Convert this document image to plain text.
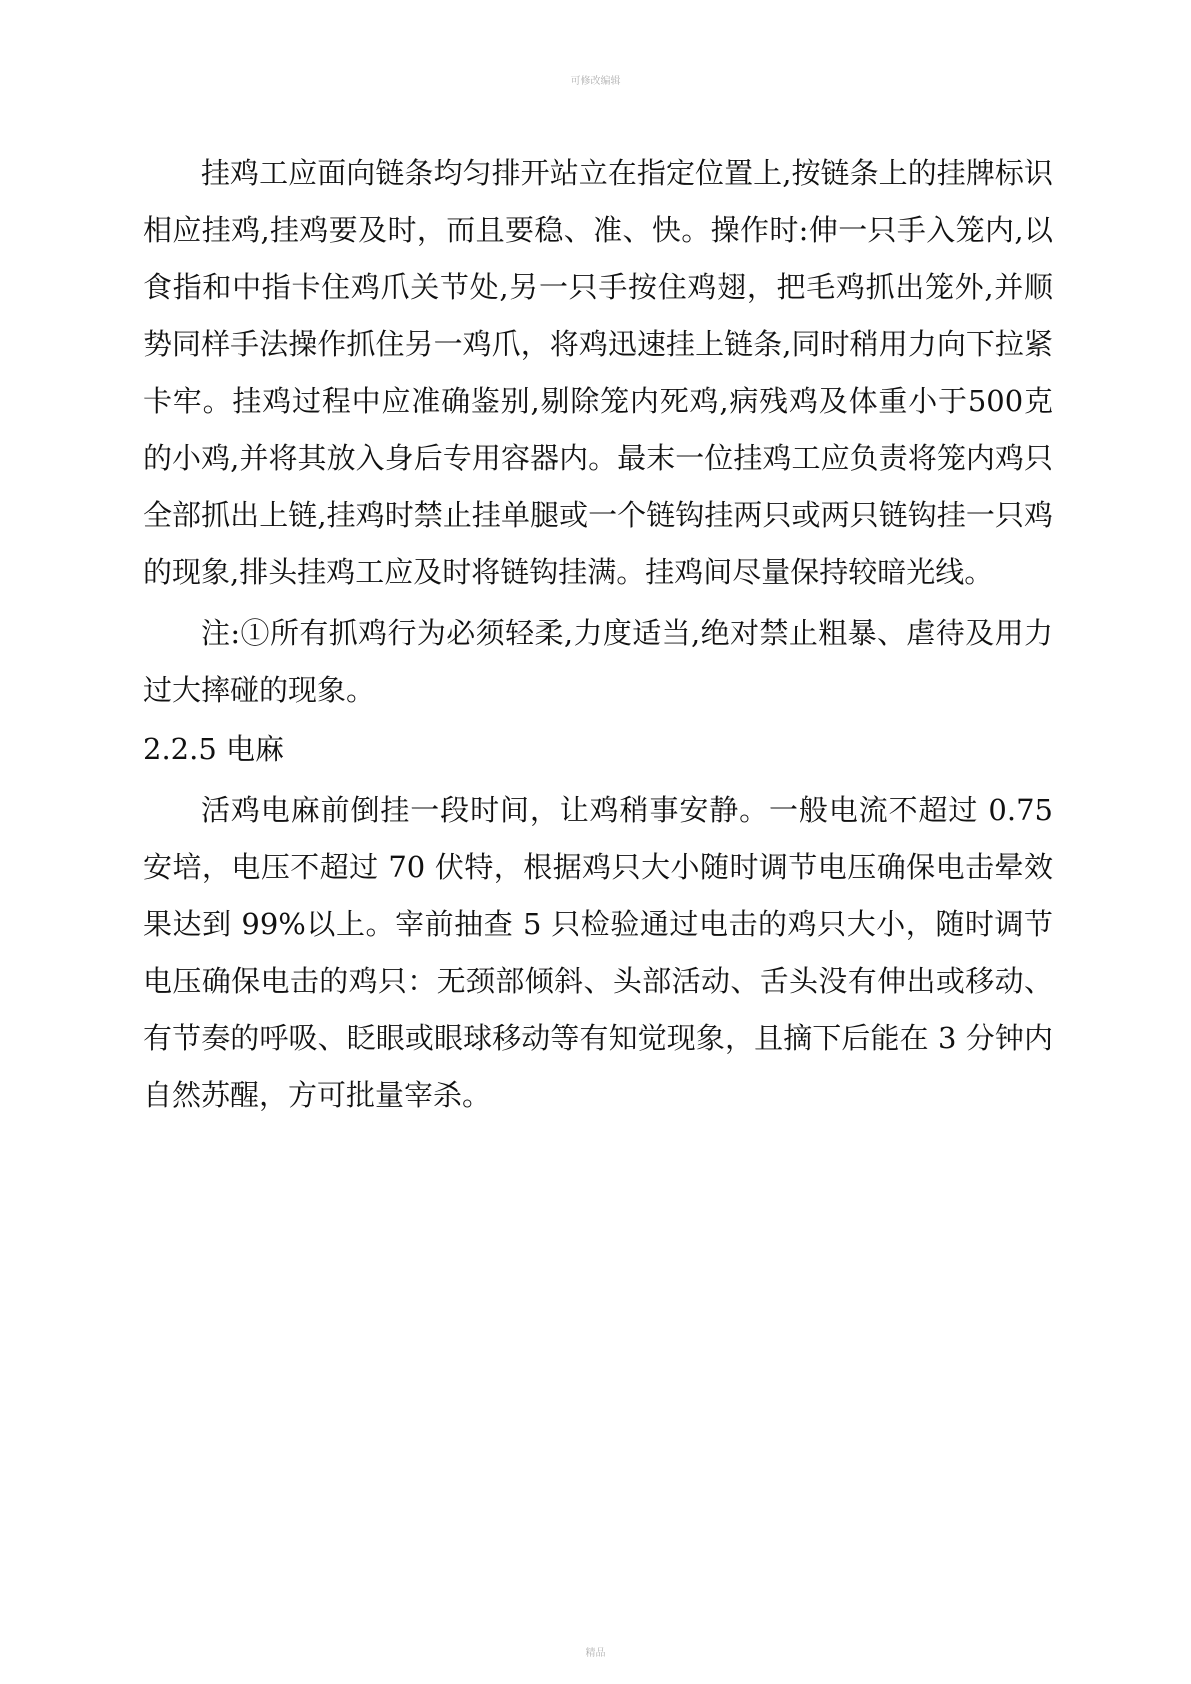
可修改编辑

挂鸡工应面向链条均匀排开站立在指定位置上,按链条上的挂牌标识相应挂鸡,挂鸡要及时，而且要稳、准、快。操作时:伸一只手入笼内,以食指和中指卡住鸡爪关节处,另一只手按住鸡翅，把毛鸡抓出笼外,并顺势同样手法操作抓住另一鸡爪，将鸡迅速挂上链条,同时稍用力向下拉紧卡牢。挂鸡过程中应准确鉴别,剔除笼内死鸡,病残鸡及体重小于500克的小鸡,并将其放入身后专用容器内。最末一位挂鸡工应负责将笼内鸡只全部抓出上链,挂鸡时禁止挂单腿或一个链钩挂两只或两只链钩挂一只鸡的现象,排头挂鸡工应及时将链钩挂满。挂鸡间尽量保持较暗光线。

注:①所有抓鸡行为必须轻柔,力度适当,绝对禁止粗暴、虐待及用力过大摔碰的现象。

2.2.5 电麻

活鸡电麻前倒挂一段时间，让鸡稍事安静。一般电流不超过 0.75 安培，电压不超过 70 伏特，根据鸡只大小随时调节电压确保电击晕效果达到 99%以上。宰前抽查 5 只检验通过电击的鸡只大小，随时调节电压确保电击的鸡只：无颈部倾斜、头部活动、舌头没有伸出或移动、有节奏的呼吸、眨眼或眼球移动等有知觉现象，且摘下后能在 3 分钟内自然苏醒，方可批量宰杀。

精品
